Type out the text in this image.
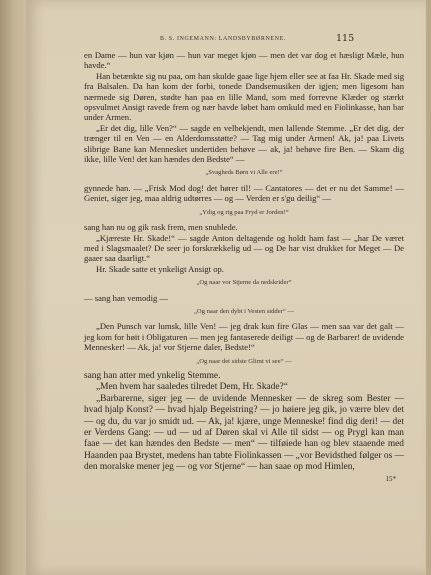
B. S. INGEMANN: LANDSBYBØRNENE.	115

en Dame — hun var kjøn — hun var meget kjøn — men det var dog et hæsligt Mæle, hun havde.“

Han betænkte sig nu paa, om han skulde gaae lige hjem eller see at faa Hr. Skade med sig fra Balsalen. Da han kom der forbi, tonede Dandsemusiken der igjen; men ligesom han nærmede sig Døren, stødte han paa en lille Mand, som med forrevne Klæder og stærkt opsvulmet Ansigt ravede frem og nær havde løbet ham omkuld med en Fiolinkasse, han bar under Armen.

„Er det dig, lille Ven?“ — sagde en velbekjendt, men lallende Stemme. „Er det dig, der trænger til en Ven — en Alderdomsstøtte? — Tag mig under Armen! Ak, ja! paa Livets slibrige Bane kan Mennesket undertiden behøve — ak, ja! behøve fire Ben. — Skam dig ikke, lille Ven! det kan hændes den Bedste“ —

„Svagheds Børn vi Alle ere!“

gynnede han. — „Frisk Mod dog! det hører til! — Cantatores — det er nu det Samme! — Geniet, siger jeg, maa aldrig udtørres — og — Verden er s'gu deilig“ —

„Ydig og rig paa Fryd er Jorden!“

sang han nu og gik rask frem, men snublede.

„Kjæreste Hr. Skade!“ — sagde Anton deltagende og holdt ham fast — „har De været med i Slagsmaalet? De seer jo forskrækkelig ud — og De har vist drukket for Meget — De gaaer saa daarligt.“

Hr. Skade satte et ynkeligt Ansigt op.

„Og naar vor Stjerne da nedskrider“

— sang han vemodig —

„Og naar den dybt i Vesten sidder“ —

„Den Punsch var lumsk, lille Ven! — jeg drak kun fire Glas — men saa var det galt — jeg kom for høit i Obligaturen — men jeg fantaserede deiligt — og de Barbarer! de uvidende Mennesker! — Ak, ja! vor Stjerne daler, Bedste!“

„Og naar det sidste Glimt vi see“ —

sang han atter med ynkelig Stemme.

„Men hvem har saaledes tilredet Dem, Hr. Skade?“

„Barbarerne, siger jeg — de uvidende Mennesker — de skreg som Bester — hvad hjalp Konst? — hvad hjalp Begeistring? — jo høiere jeg gik, jo værre blev det — og du, du var jo smidt ud. — Ak, ja! kjære, unge Menneske! find dig deri! — det er Verdens Gang: — ud — ud af Døren skal vi Alle til sidst — og Prygl kan man faae — det kan hændes den Bedste — men“ — tilføiede han og blev staaende med Haanden paa Brystet, medens han tabte Fiolinkassen — „vor Bevidsthed følger os — den moralske mener jeg — og vor Stjerne“ — han saae op mod Himlen,

15*
